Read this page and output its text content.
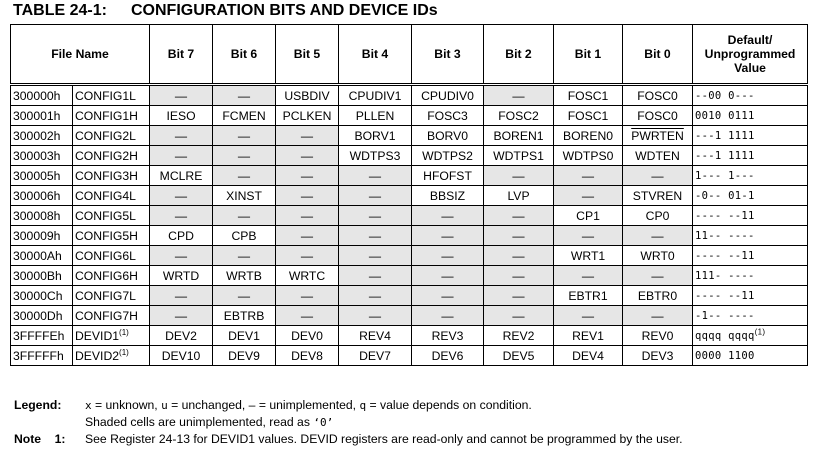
TABLE 24-1: CONFIGURATION BITS AND DEVICE IDs
File Name		Bit 7	Bit 6	Bit 5	Bit 4	Bit 3	Bit 2	Bit 1	Bit 0	Default/
Unprogrammed
Value

300000h	CONFIG1L	—	—	USBDIV	CPUDIV1	CPUDIV0	—	FOSC1	FOSC0	--00 0---
300001h	CONFIG1H	IESO	FCMEN	PCLKEN	PLLEN	FOSC3	FOSC2	FOSC1	FOSC0	0010 0111
300002h	CONFIG2L	—	—	—	BORV1	BORV0	BOREN1	BOREN0	PWRTEN	---1 1111
300003h	CONFIG2H	—	—	—	WDTPS3	WDTPS2	WDTPS1	WDTPS0	WDTEN	---1 1111
300005h	CONFIG3H	MCLRE	—	—	—	HFOFST	—	—	—	1--- 1---
300006h	CONFIG4L	—	XINST	—	—	BBSIZ	LVP	—	STVREN	-0-- 01-1
300008h	CONFIG5L	—	—	—	—	—	—	CP1	CP0	---- --11
300009h	CONFIG5H	CPD	CPB	—	—	—	—	—	—	11-- ----
30000Ah	CONFIG6L	—	—	—	—	—	—	WRT1	WRT0	---- --11
30000Bh	CONFIG6H	WRTD	WRTB	WRTC	—	—	—	—	—	111- ----
30000Ch	CONFIG7L	—	—	—	—	—	—	EBTR1	EBTR0	---- --11
30000Dh	CONFIG7H	—	EBTRB	—	—	—	—	—	—	-1-- ----
3FFFFEh	DEVID1$^{(1)}$	DEV2	DEV1	DEV0	REV4	REV3	REV2	REV1	REV0	qqqq qqqq$^{(1)}$
3FFFFFh	DEVID2$^{(1)}$	DEV10	DEV9	DEV8	DEV7	DEV6	DEV5	DEV4	DEV3	0000 1100
Legend: x = unknown, u = unchanged, – = unimplemented, q = value depends on condition.
Shaded cells are unimplemented, read as ‘0’
Note    1: See Register 24-13 for DEVID1 values. DEVID registers are read-only and cannot be programmed by the user.
